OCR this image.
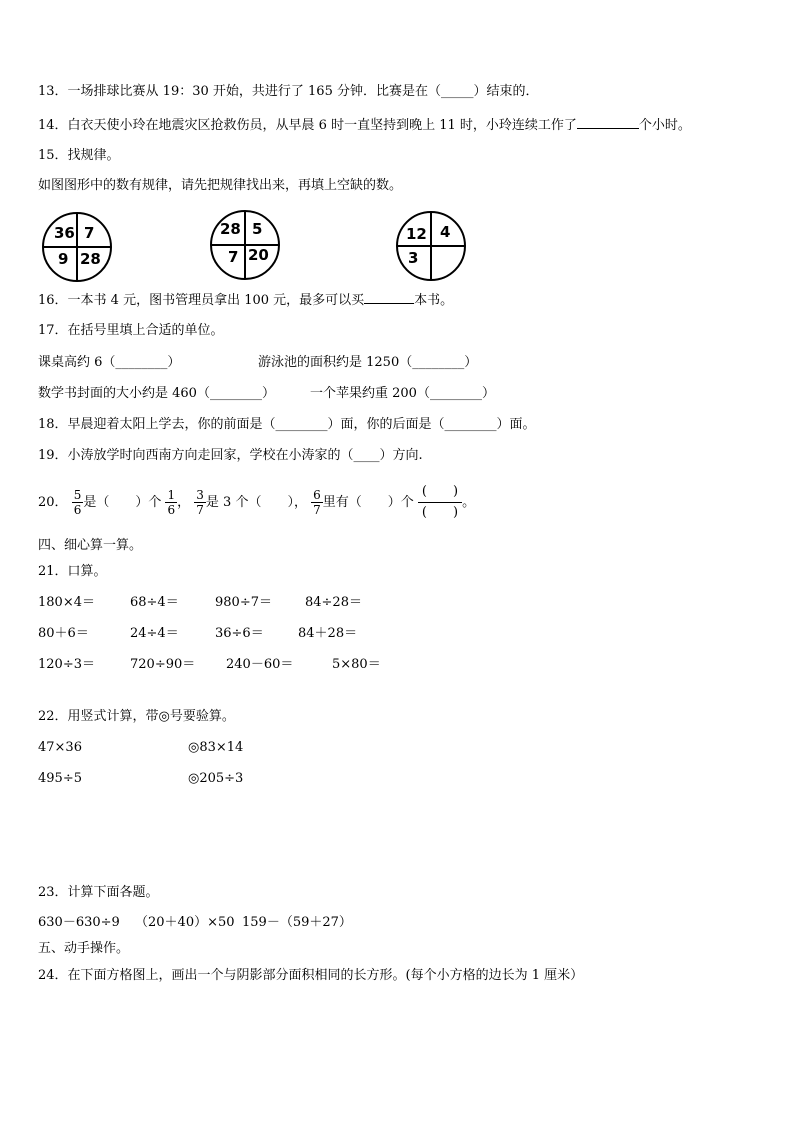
13．一场排球比赛从 19：30 开始，共进行了 165 分钟．比赛是在（_____）结束的．
14．白衣天使小玲在地震灾区抢救伤员，从早晨 6 时一直坚持到晚上 11 时，小玲连续工作了	个小时。
15．找规律。
如图图形中的数有规律，请先把规律找出来，再填上空缺的数。
36 7
9 28
28 5
7 20
12 4
3
16．一本书 4 元，图书管理员拿出 100 元，最多可以买	本书。
17．在括号里填上合适的单位。
课桌高约 6（________）	游泳池的面积约是 1250（________）
数学书封面的大小约是 460（________）	一个苹果约重 200（________）
18．早晨迎着太阳上学去，你的前面是（________）面，你的后面是（________）面。
19．小涛放学时向西南方向走回家，学校在小涛家的（____）方向.
20． $\frac{5}{6}$ 是（　　）个 $\frac{1}{6}$ ， $\frac{3}{7}$ 是 3 个（　　）， $\frac{6}{7}$ 里有（　　）个 $\frac{( )}{( )}$。
四、细心算一算。
21．口算。
180×4＝	68÷4＝	980÷7＝	84÷28＝
80＋6＝	24÷4＝	36÷6＝	84＋28＝
120÷3＝	720÷90＝ 240－60＝	5×80＝
22．用竖式计算，带◎号要验算。
47×36	◎83×14
495÷5	◎205÷3
23．计算下面各题。
630－630÷9 （20＋40）×50 159－（59＋27）
五、动手操作。
24．在下面方格图上，画出一个与阴影部分面积相同的长方形。(每个小方格的边长为 1 厘米）
